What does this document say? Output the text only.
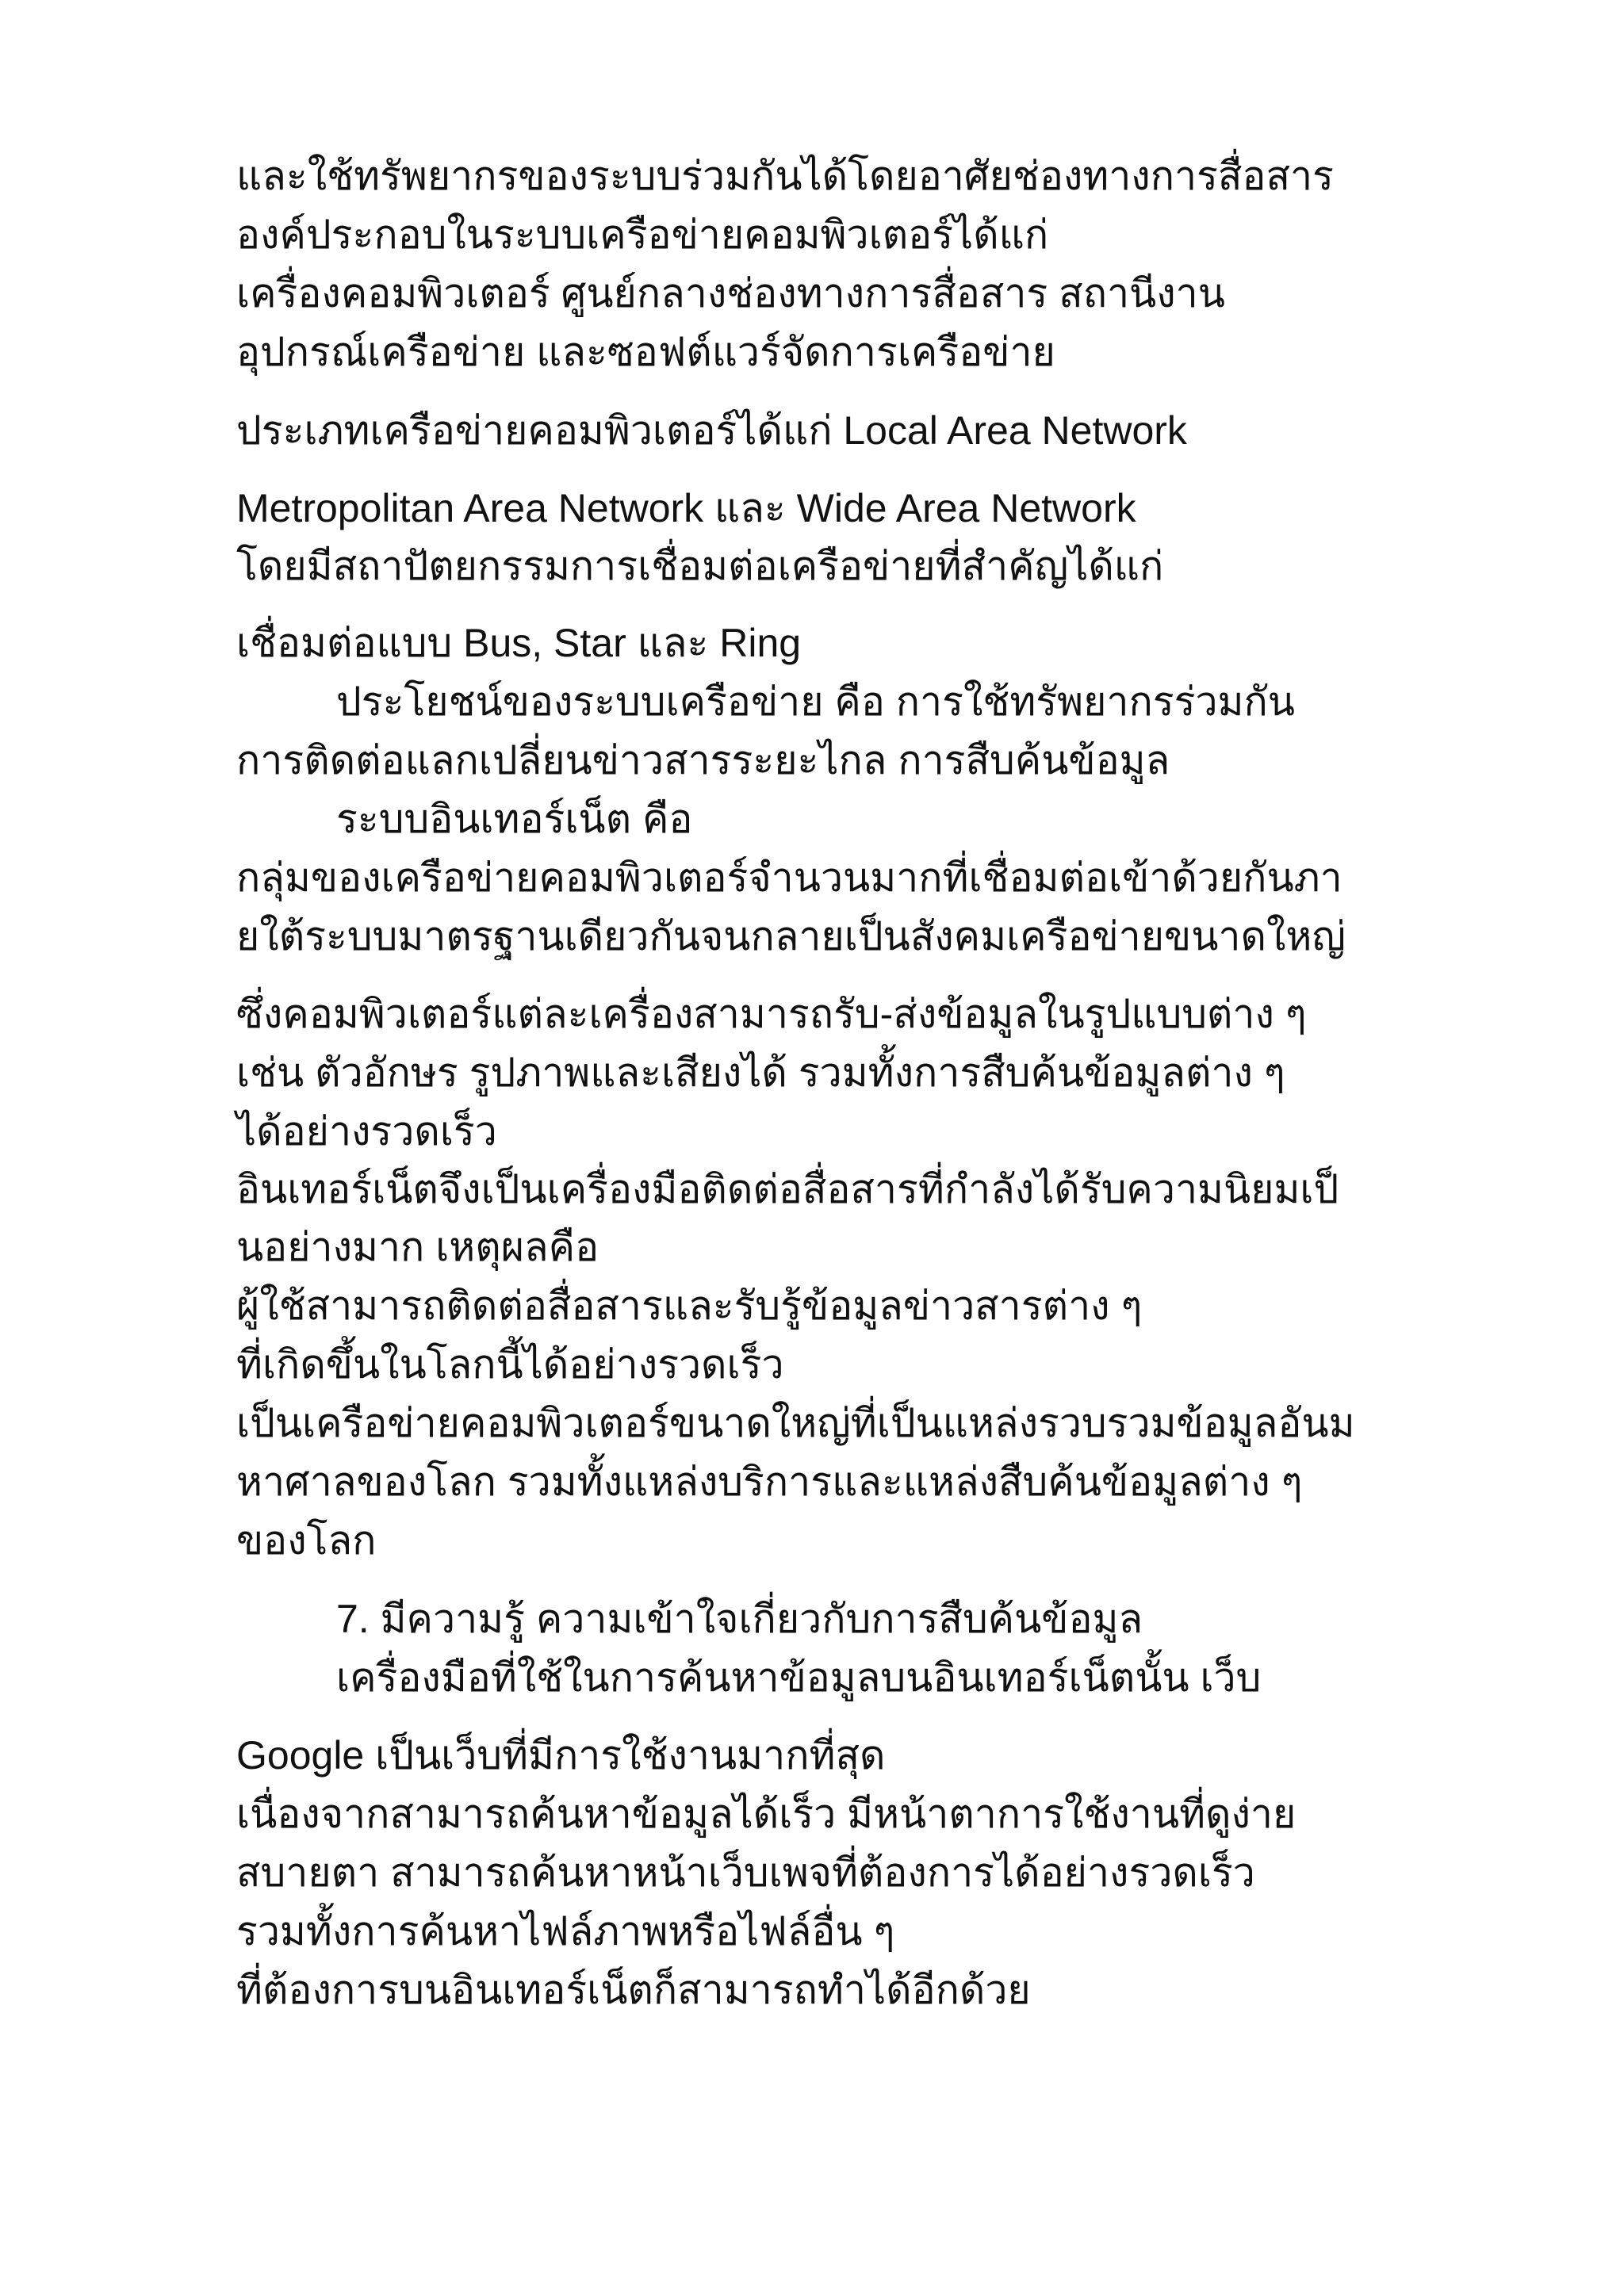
และใช้ทรัพยากรของระบบร่วมกันได้โดยอาศัยช่องทางการสื่อสาร
องค์ประกอบในระบบเครือข่ายคอมพิวเตอร์ได้แก่
เครื่องคอมพิวเตอร์ ศูนย์กลางช่องทางการสื่อสาร สถานีงาน
อุปกรณ์เครือข่าย และซอฟต์แวร์จัดการเครือข่าย
ประเภทเครือข่ายคอมพิวเตอร์ได้แก่ Local Area Network
Metropolitan Area Network และ Wide Area Network
โดยมีสถาปัตยกรรมการเชื่อมต่อเครือข่ายที่สำคัญได้แก่
เชื่อมต่อแบบ Bus, Star และ Ring
ประโยชน์ของระบบเครือข่าย คือ การใช้ทรัพยากรร่วมกัน
การติดต่อแลกเปลี่ยนข่าวสารระยะไกล การสืบค้นข้อมูล
ระบบอินเทอร์เน็ต คือ
กลุ่มของเครือข่ายคอมพิวเตอร์จำนวนมากที่เชื่อมต่อเข้าด้วยกันภา
ยใต้ระบบมาตรฐานเดียวกันจนกลายเป็นสังคมเครือข่ายขนาดใหญ่
ซึ่งคอมพิวเตอร์แต่ละเครื่องสามารถรับ-ส่งข้อมูลในรูปแบบต่าง ๆ
เช่น ตัวอักษร รูปภาพและเสียงได้ รวมทั้งการสืบค้นข้อมูลต่าง ๆ
ได้อย่างรวดเร็ว
อินเทอร์เน็ตจึงเป็นเครื่องมือติดต่อสื่อสารที่กำลังได้รับความนิยมเป็
นอย่างมาก เหตุผลคือ
ผู้ใช้สามารถติดต่อสื่อสารและรับรู้ข้อมูลข่าวสารต่าง ๆ
ที่เกิดขึ้นในโลกนี้ได้อย่างรวดเร็ว
เป็นเครือข่ายคอมพิวเตอร์ขนาดใหญ่ที่เป็นแหล่งรวบรวมข้อมูลอันม
หาศาลของโลก รวมทั้งแหล่งบริการและแหล่งสืบค้นข้อมูลต่าง ๆ
ของโลก
7. มีความรู้ ความเข้าใจเกี่ยวกับการสืบค้นข้อมูล
เครื่องมือที่ใช้ในการค้นหาข้อมูลบนอินเทอร์เน็ตนั้น เว็บ
Google เป็นเว็บที่มีการใช้งานมากที่สุด
เนื่องจากสามารถค้นหาข้อมูลได้เร็ว มีหน้าตาการใช้งานที่ดูง่าย
สบายตา สามารถค้นหาหน้าเว็บเพจที่ต้องการได้อย่างรวดเร็ว
รวมทั้งการค้นหาไฟล์ภาพหรือไฟล์อื่น ๆ
ที่ต้องการบนอินเทอร์เน็ตก็สามารถทำได้อีกด้วย
